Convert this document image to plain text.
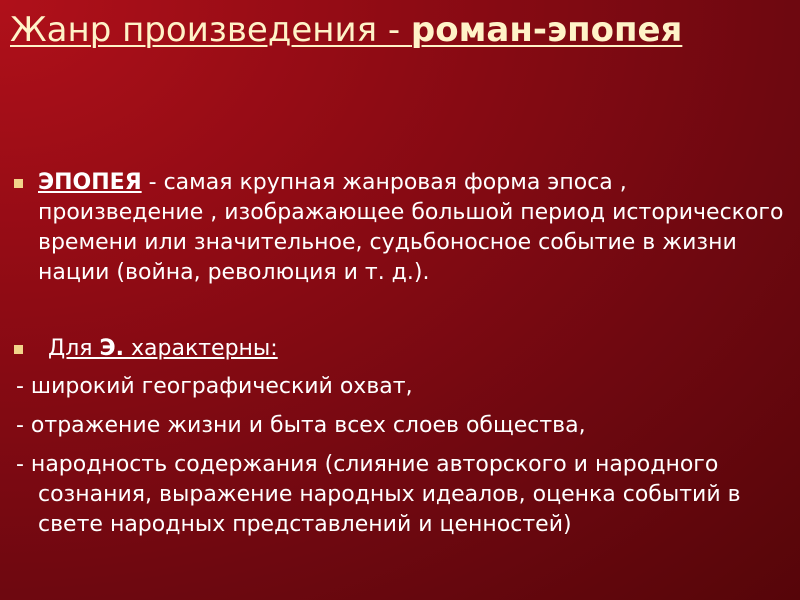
Жанр произведения - роман-эпопея

ЭПОПЕЯ - самая крупная жанровая форма эпоса , произведение , изображающее большой период исторического времени или значительное, судьбоносное событие в жизни нации (война, революция и т. д.).

Для Э. характерны:

- широкий географический охват,

- отражение жизни и быта всех слоев общества,

- народность содержания (слияние авторского и народного сознания, выражение народных идеалов, оценка событий в свете народных представлений и ценностей)
